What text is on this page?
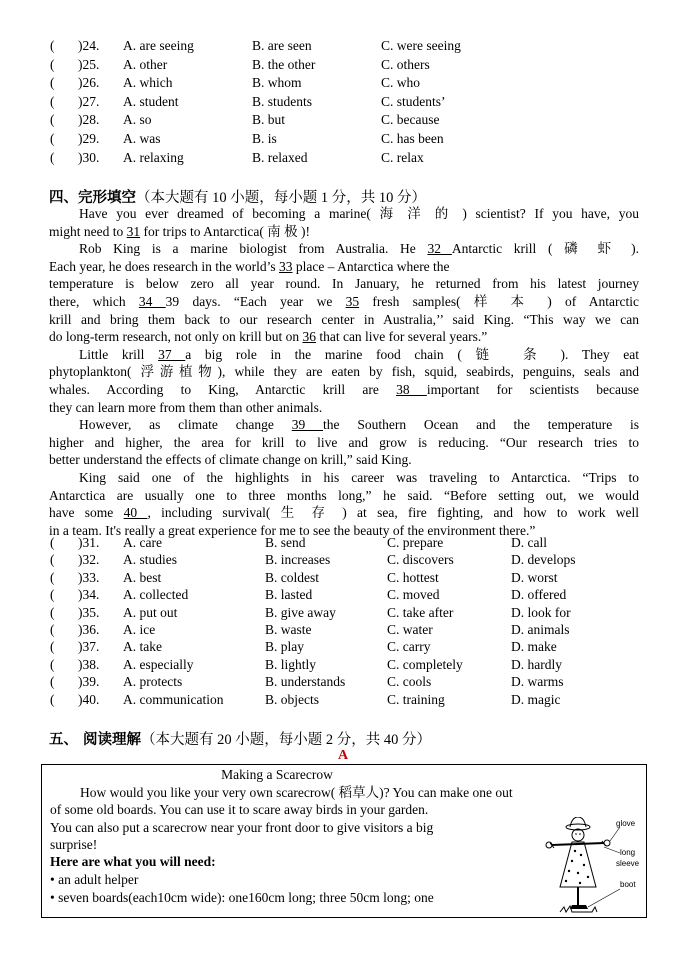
( )24. A. are seeing	B. are seen	C. were seeing
( )25. A. other	B. the other	C. others
( )26. A. which	B. whom	C. who
( )27. A. student	B. students	C. students’
( )28. A. so	B. but	C. because
( )29. A. was	B. is	C. has been
( )30. A. relaxing	B. relaxed	C. relax
四、完形填空（本大题有 10 小题，每小题 1 分，共 10 分）
Have you ever dreamed of becoming a marine( 海 洋 的 ) scientist? If you have, you
might need to 31 for trips to Antarctica( 南 极 )!
Rob King is a marine biologist from Australia. He 32 Antarctic krill ( 磷 虾 ).
Each year, he does research in the world’s 33 place – Antarctica where the
temperature is below zero all year round. In January, he returned from his latest journey
there, which 34 39 days. “Each year we 35 fresh samples( 样 本 ) of Antarctic
krill and bring them back to our research center in Australia,’’ said King. “This way we can
do long-term research, not only on krill but on 36 that can live for several years.”
Little krill 37 a big role in the marine food chain ( 链　条 ). They eat
phytoplankton( 浮游植物), while they are eaten by fish, squid, seabirds, penguins, seals and
whales. According to King, Antarctic krill are 38 important for scientists because
they can learn more from them than other animals.
However, as climate change 39 the Southern Ocean and the temperature is
higher and higher, the area for krill to live and grow is reducing. “Our research tries to
better understand the effects of climate change on krill,” said King.
King said one of the highlights in his career was traveling to Antarctica. “Trips to
Antarctica are usually one to three months long,” he said. “Before setting out, we would
have some 40 , including survival( 生 存 ) at sea, fire fighting, and how to work well
in a team. It's really a great experience for me to see the beauty of the environment there.”
( )31. A. care	B. send	C. prepare	D. call
( )32. A. studies	B. increases	C. discovers	D. develops
( )33. A. best	B. coldest	C. hottest	D. worst
( )34. A. collected	B. lasted	C. moved	D. offered
( )35. A. put out	B. give away	C. take after	D. look for
( )36. A. ice	B. waste	C. water	D. animals
( )37. A. take	B. play	C. carry	D. make
( )38. A. especially	B. lightly	C. completely	D. hardly
( )39. A. protects	B. understands	C. cools	D. warms
( )40. A. communication	B. objects	C. training	D. magic
五、 阅读理解（本大题有 20 小题，每小题 2 分，共 40 分）
A
Making a Scarecrow
How would you like your very own scarecrow( 稻草人)? You can make one out
of some old boards. You can use it to scare away birds in your garden.
You can also put a scarecrow near your front door to give visitors a big
surprise!
Here are what you will need:
• an adult helper
• seven boards(each10cm wide): one160cm long; three 50cm long; one
glove
long
sleeve
boot
